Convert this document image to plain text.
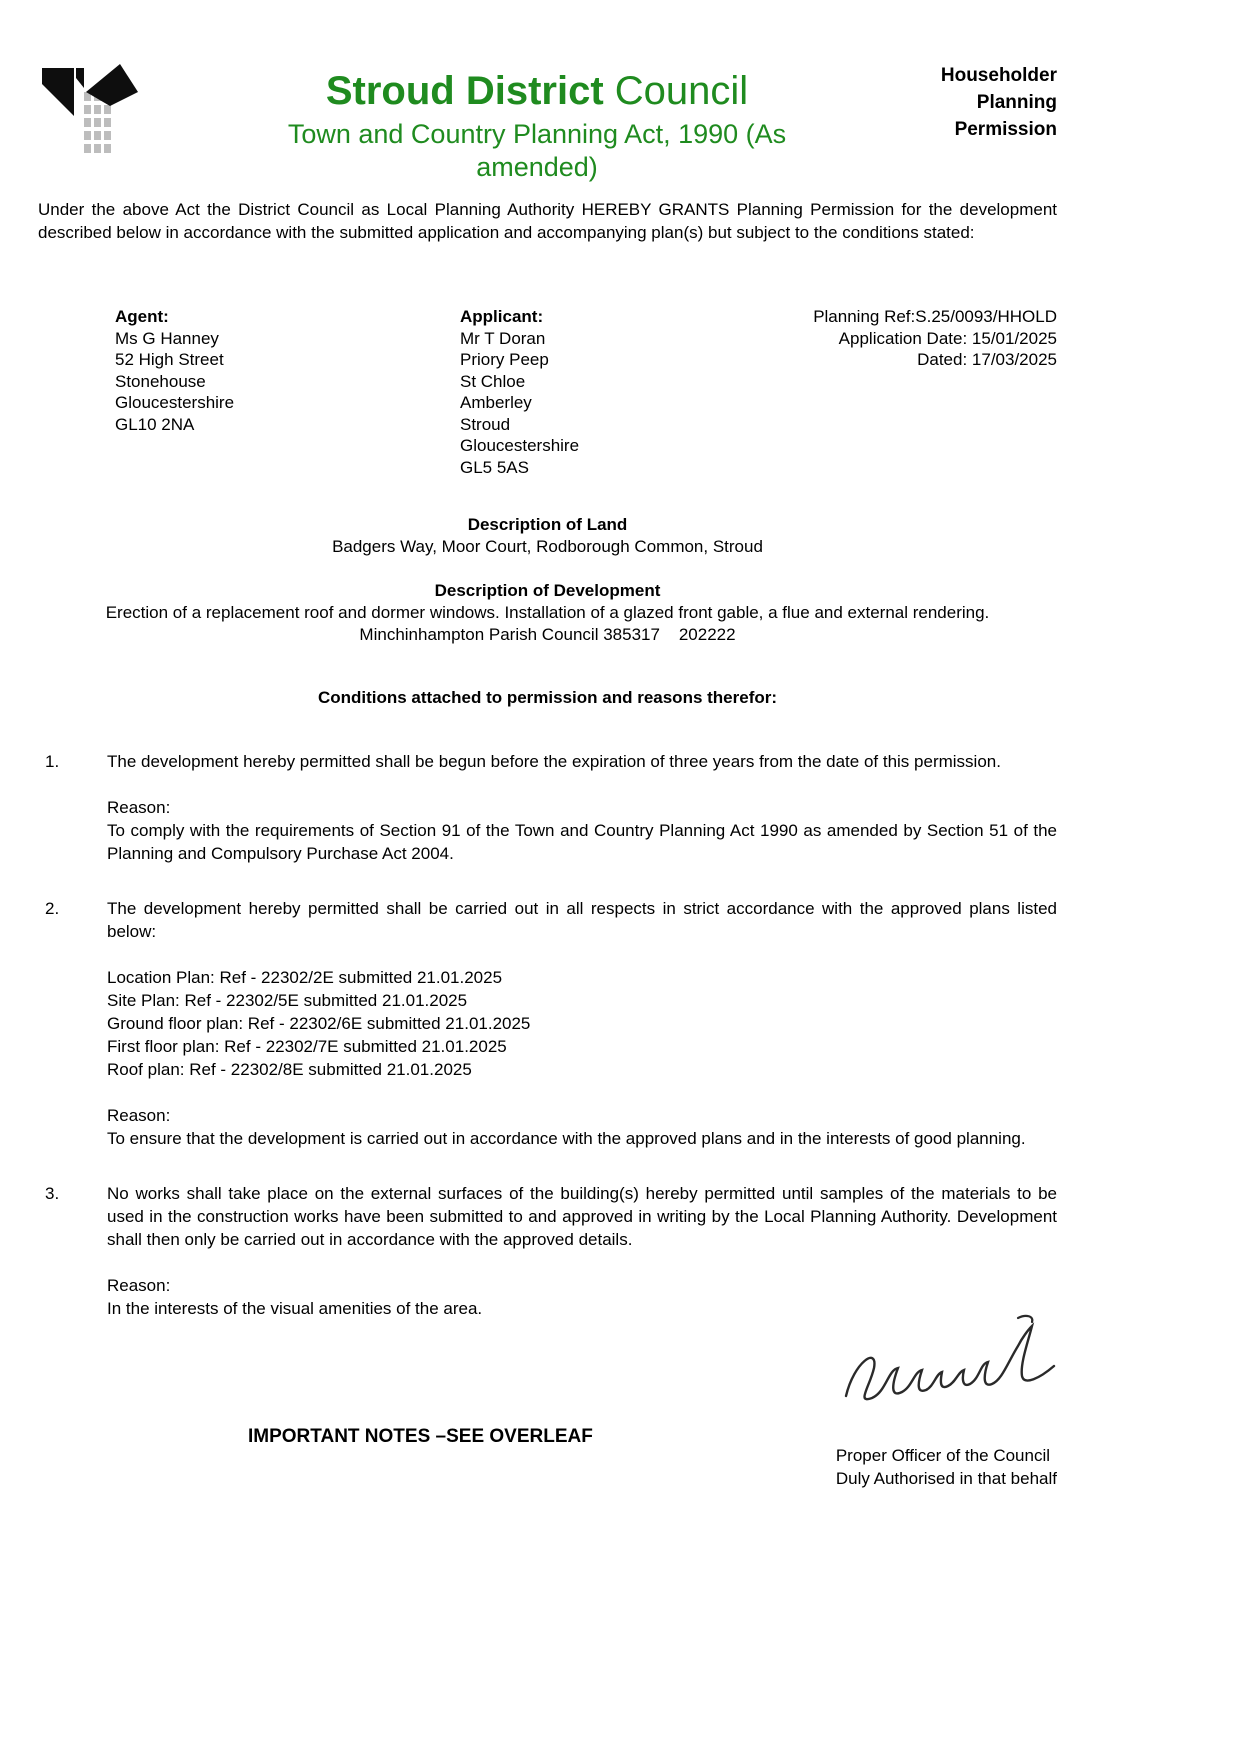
Stroud District Council
Town and Country Planning Act, 1990 (As amended)
Householder
Planning
Permission

Under the above Act the District Council as Local Planning Authority HEREBY GRANTS Planning Permission for the development described below in accordance with the submitted application and accompanying plan(s) but subject to the conditions stated:

Agent:
Ms G Hanney
52 High Street
Stonehouse
Gloucestershire
GL10 2NA
Applicant:
Mr T Doran
Priory Peep
St Chloe
Amberley
Stroud
Gloucestershire
GL5 5AS
Planning Ref:S.25/0093/HHOLD
Application Date: 15/01/2025
Dated: 17/03/2025
Description of Land
Badgers Way, Moor Court, Rodborough Common, Stroud
Description of Development
Erection of a replacement roof and dormer windows. Installation of a glazed front gable, a flue and external rendering.
Minchinhampton Parish Council 385317    202222
Conditions attached to permission and reasons therefor:
1.	The development hereby permitted shall be begun before the expiration of three years from the date of this permission.
Reason:
To comply with the requirements of Section 91 of the Town and Country Planning Act 1990 as amended by Section 51 of the Planning and Compulsory Purchase Act 2004.
2.	The development hereby permitted shall be carried out in all respects in strict accordance with the approved plans listed below:
Location Plan: Ref - 22302/2E submitted 21.01.2025
Site Plan: Ref - 22302/5E submitted 21.01.2025
Ground floor plan: Ref - 22302/6E submitted 21.01.2025
First floor plan: Ref - 22302/7E submitted 21.01.2025
Roof plan: Ref - 22302/8E submitted 21.01.2025
Reason:
To ensure that the development is carried out in accordance with the approved plans and in the interests of good planning.
3.	No works shall take place on the external surfaces of the building(s) hereby permitted until samples of the materials to be used in the construction works have been submitted to and approved in writing by the Local Planning Authority. Development shall then only be carried out in accordance with the approved details.
Reason:
In the interests of the visual amenities of the area.
IMPORTANT NOTES –SEE OVERLEAF
Proper Officer of the Council
Duly Authorised in that behalf
